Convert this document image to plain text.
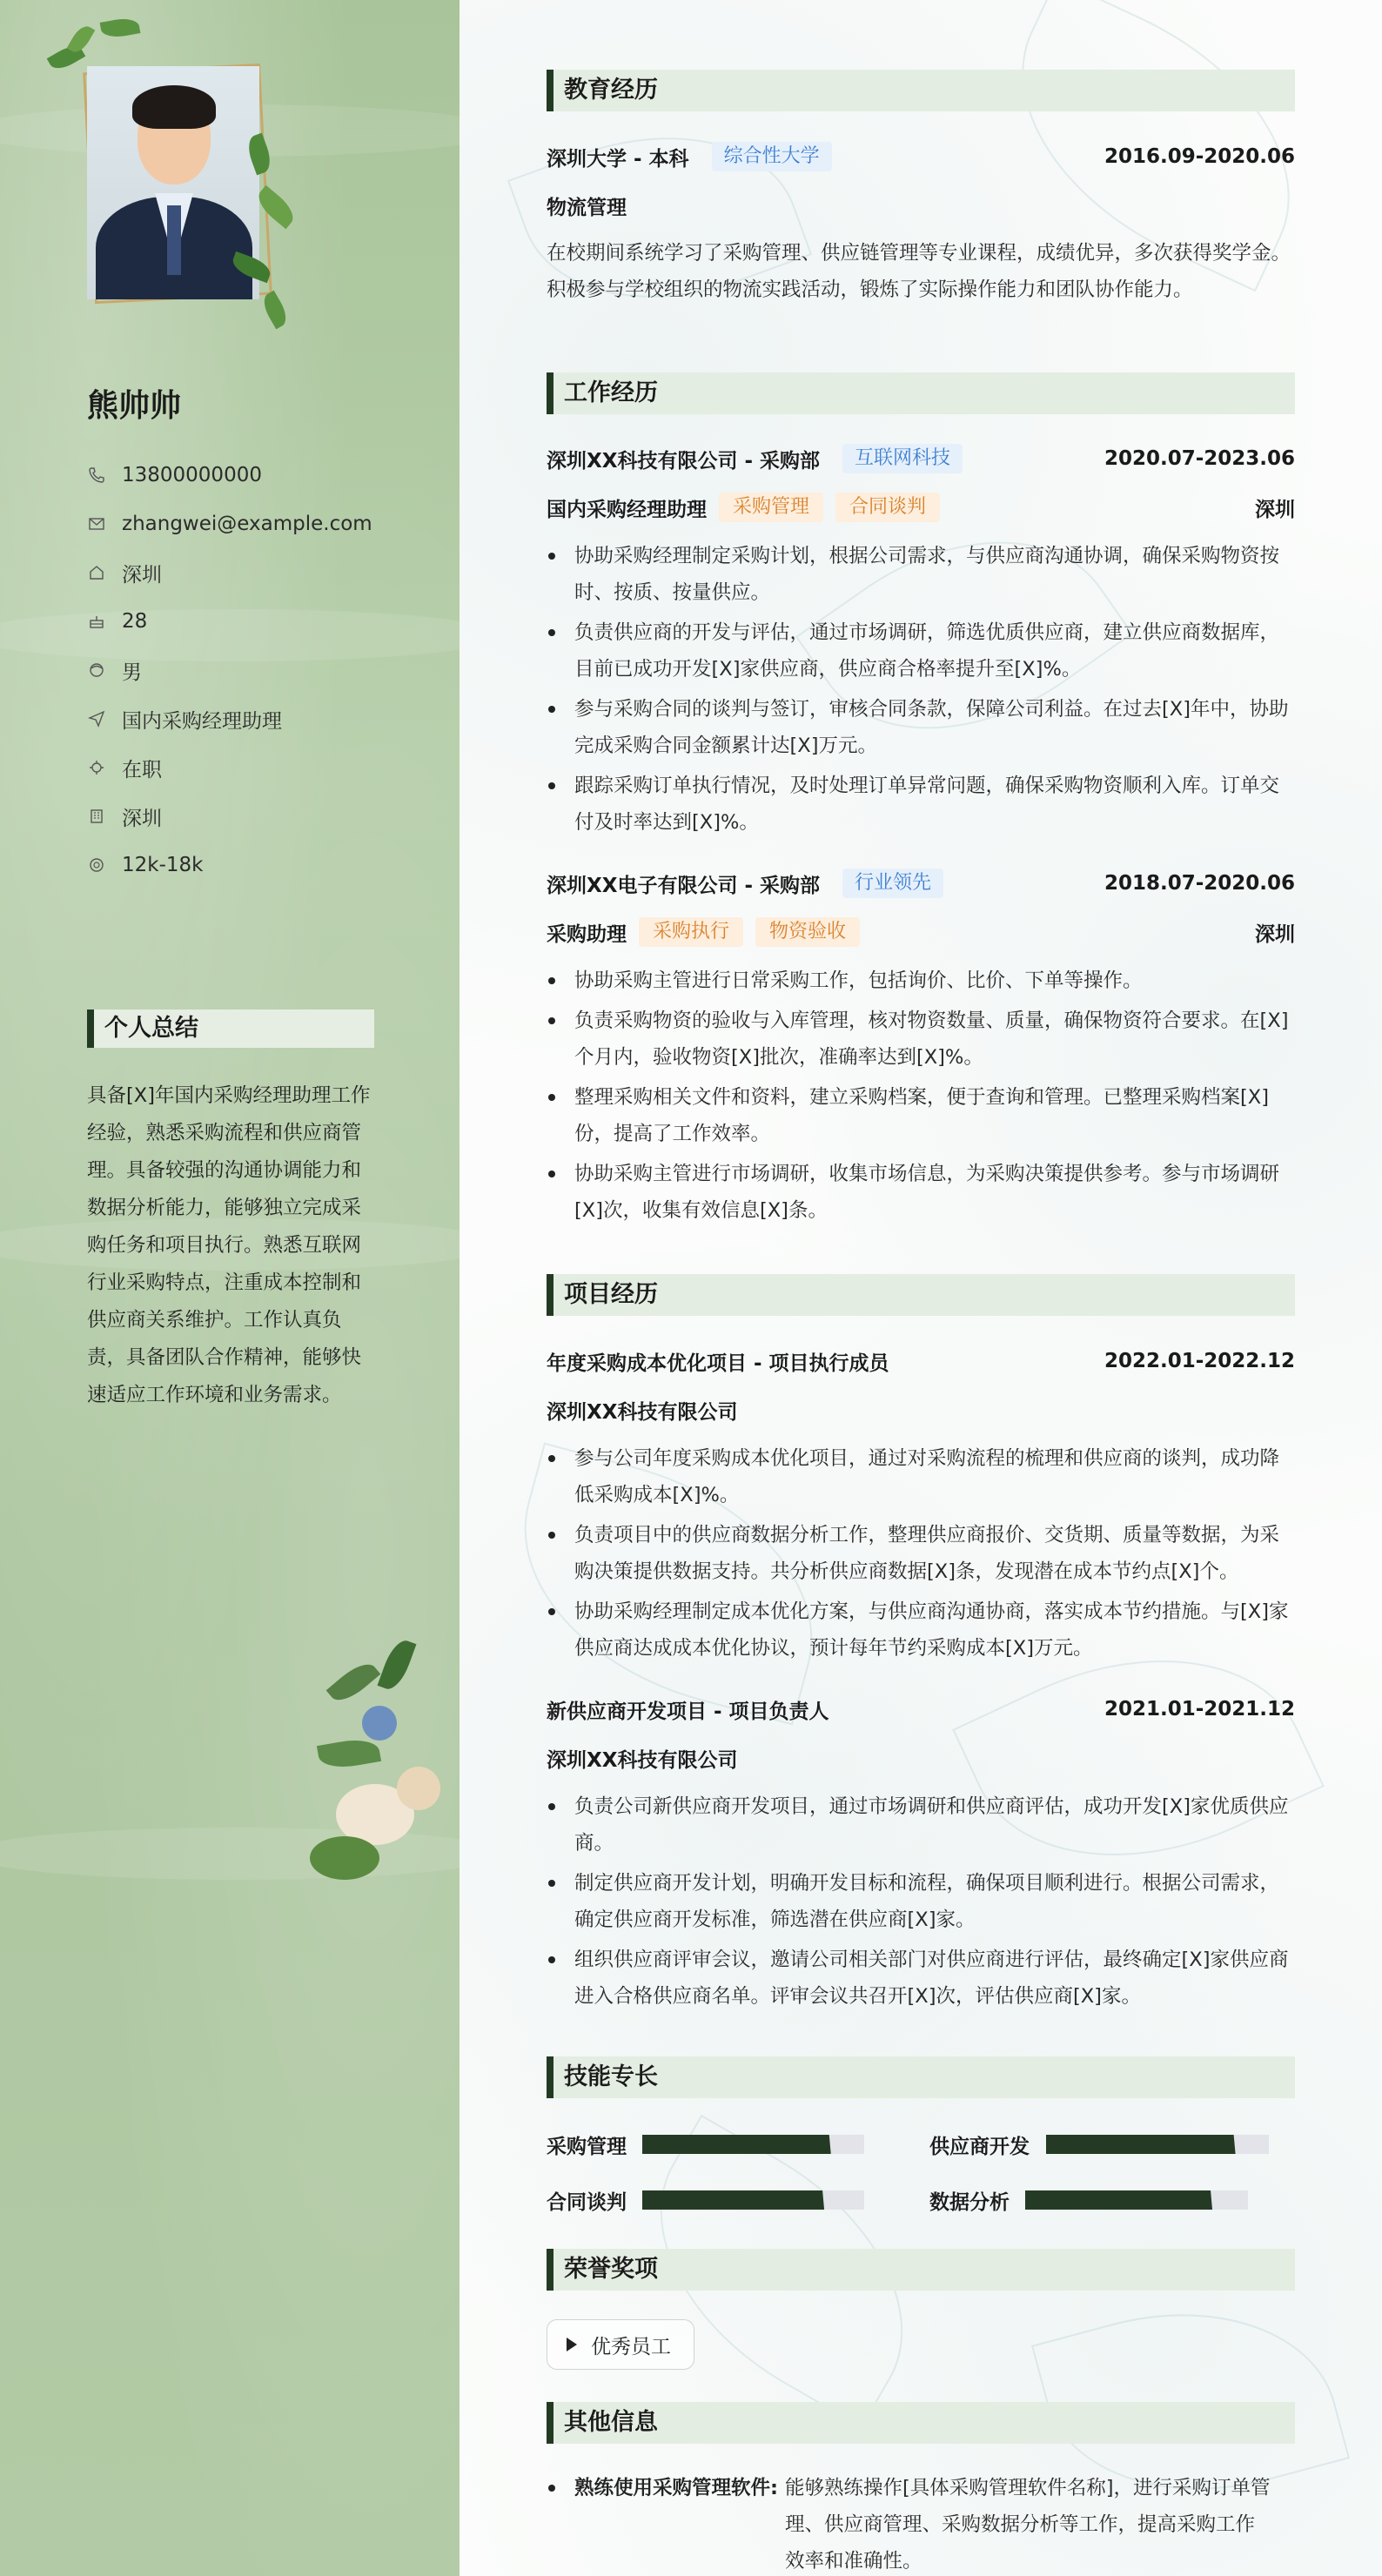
熊帅帅
13800000000
zhangwei@example.com
深圳
28
男
国内采购经理助理
在职
深圳
12k-18k
个人总结
具备[X]年国内采购经理助理工作经验，熟悉采购流程和供应商管理。具备较强的沟通协调能力和数据分析能力，能够独立完成采购任务和项目执行。熟悉互联网行业采购特点，注重成本控制和供应商关系维护。工作认真负责，具备团队合作精神，能够快速适应工作环境和业务需求。
教育经历
深圳大学 - 本科	综合性大学	2016.09-2020.06
物流管理
在校期间系统学习了采购管理、供应链管理等专业课程，成绩优异，多次获得奖学金。积极参与学校组织的物流实践活动，锻炼了实际操作能力和团队协作能力。
工作经历
深圳XX科技有限公司 - 采购部	互联网科技	2020.07-2023.06
国内采购经理助理	采购管理	合同谈判	深圳
协助采购经理制定采购计划，根据公司需求，与供应商沟通协调，确保采购物资按时、按质、按量供应。
负责供应商的开发与评估，通过市场调研，筛选优质供应商，建立供应商数据库，目前已成功开发[X]家供应商，供应商合格率提升至[X]%。
参与采购合同的谈判与签订，审核合同条款，保障公司利益。在过去[X]年中，协助完成采购合同金额累计达[X]万元。
跟踪采购订单执行情况，及时处理订单异常问题，确保采购物资顺利入库。订单交付及时率达到[X]%。
深圳XX电子有限公司 - 采购部	行业领先	2018.07-2020.06
采购助理	采购执行	物资验收	深圳
协助采购主管进行日常采购工作，包括询价、比价、下单等操作。
负责采购物资的验收与入库管理，核对物资数量、质量，确保物资符合要求。在[X]个月内，验收物资[X]批次，准确率达到[X]%。
整理采购相关文件和资料，建立采购档案，便于查询和管理。已整理采购档案[X]份，提高了工作效率。
协助采购主管进行市场调研，收集市场信息，为采购决策提供参考。参与市场调研[X]次，收集有效信息[X]条。
项目经历
年度采购成本优化项目 - 项目执行成员	2022.01-2022.12
深圳XX科技有限公司
参与公司年度采购成本优化项目，通过对采购流程的梳理和供应商的谈判，成功降低采购成本[X]%。
负责项目中的供应商数据分析工作，整理供应商报价、交货期、质量等数据，为采购决策提供数据支持。共分析供应商数据[X]条，发现潜在成本节约点[X]个。
协助采购经理制定成本优化方案，与供应商沟通协商，落实成本节约措施。与[X]家供应商达成成本优化协议，预计每年节约采购成本[X]万元。
新供应商开发项目 - 项目负责人	2021.01-2021.12
深圳XX科技有限公司
负责公司新供应商开发项目，通过市场调研和供应商评估，成功开发[X]家优质供应商。
制定供应商开发计划，明确开发目标和流程，确保项目顺利进行。根据公司需求，确定供应商开发标准，筛选潜在供应商[X]家。
组织供应商评审会议，邀请公司相关部门对供应商进行评估，最终确定[X]家供应商进入合格供应商名单。评审会议共召开[X]次，评估供应商[X]家。
技能专长
采购管理	供应商开发
合同谈判	数据分析
荣誉奖项
优秀员工
其他信息
熟练使用采购管理软件: 能够熟练操作[具体采购管理软件名称]，进行采购订单管理、供应商管理、采购数据分析等工作，提高采购工作效率和准确性。
